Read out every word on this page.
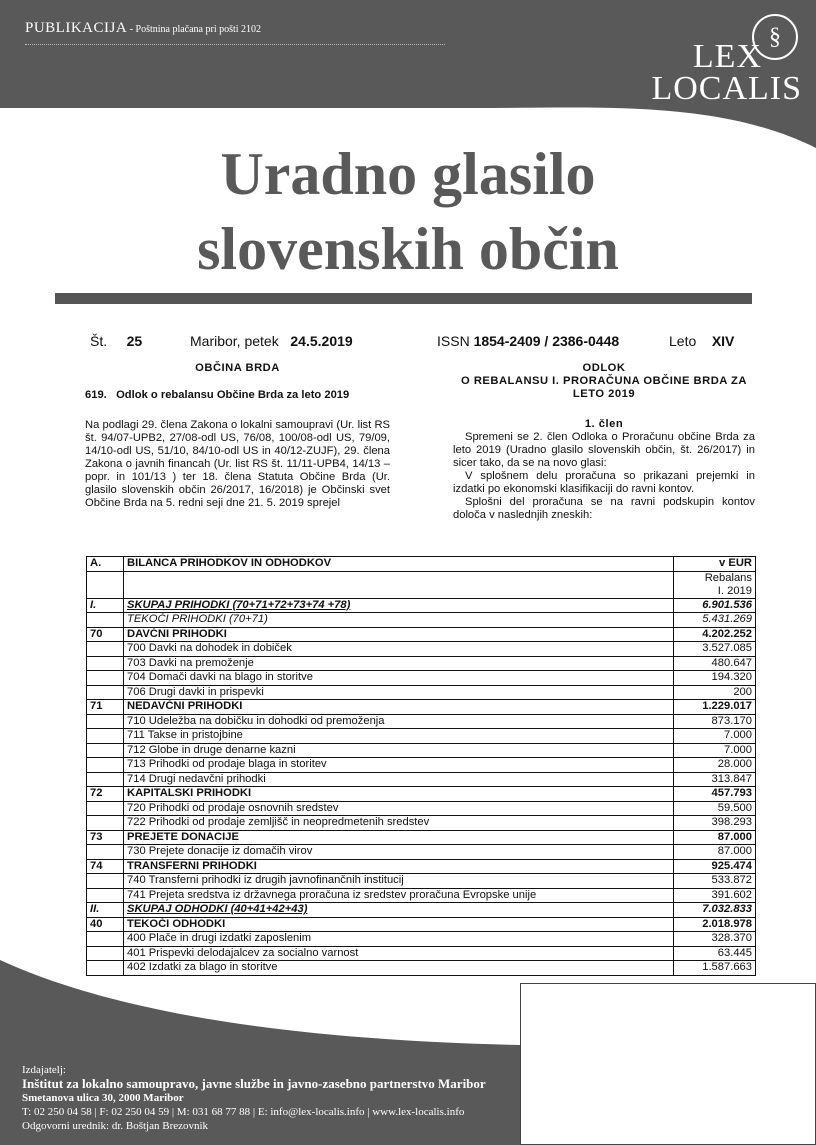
PUBLIKACIJA - Poštnina plačana pri pošti 2102	§
LEX
LOCALIS
Uradno glasilo
slovenskih občin
Št. 25	Maribor, petek 24.5.2019	ISSN 1854-2409 / 2386-0448	Leto XIV
OBČINA BRDA
619. Odlok o rebalansu Občine Brda za leto 2019
Na podlagi 29. člena Zakona o lokalni samoupravi (Ur. list RS št. 94/07-UPB2, 27/08-odl US, 76/08, 100/08-odl US, 79/09, 14/10-odl US, 51/10, 84/10-odl US in 40/12-ZUJF), 29. člena Zakona o javnih financah (Ur. list RS št. 11/11-UPB4, 14/13 – popr. in 101/13 ) ter 18. člena Statuta Občine Brda (Ur. glasilo slovenskih občin 26/2017, 16/2018) je Občinski svet Občine Brda na 5. redni seji dne 21. 5. 2019 sprejel
ODLOK
O REBALANSU I. PRORAČUNA OBČINE BRDA ZA LETO 2019
1. člen
Spremeni se 2. člen Odloka o Proračunu občine Brda za leto 2019 (Uradno glasilo slovenskih občin, št. 26/2017) in sicer tako, da se na novo glasi:
V splošnem delu proračuna so prikazani prejemki in izdatki po ekonomski klasifikaciji do ravni kontov.
Splošni del proračuna se na ravni podskupin kontov določa v naslednjih zneskih:
A.	BILANCA PRIHODKOV IN ODHODKOV	v EUR

		Rebalans
I. 2019

I.	SKUPAJ PRIHODKI (70+71+72+73+74 +78)	6.901.536
	TEKOČI PRIHODKI (70+71)	5.431.269
70	DAVČNI PRIHODKI	4.202.252
	700 Davki na dohodek in dobiček	3.527.085
	703 Davki na premoženje	480.647
	704 Domači davki na blago in storitve	194.320
	706 Drugi davki in prispevki	200
71	NEDAVČNI PRIHODKI	1.229.017
	710 Udeležba na dobičku in dohodki od premoženja	873.170
	711 Takse in pristojbine	7.000
	712 Globe in druge denarne kazni	7.000
	713 Prihodki od prodaje blaga in storitev	28.000
	714 Drugi nedavčni prihodki	313.847
72	KAPITALSKI PRIHODKI	457.793
	720 Prihodki od prodaje osnovnih sredstev	59.500
	722 Prihodki od prodaje zemljišč in neopredmetenih sredstev	398.293
73	PREJETE DONACIJE	87.000
	730 Prejete donacije iz domačih virov	87.000
74	TRANSFERNI PRIHODKI	925.474
	740 Transferni prihodki iz drugih javnofinančnih institucij	533.872
	741 Prejeta sredstva iz državnega proračuna iz sredstev proračuna Evropske unije	391.602
II.	SKUPAJ ODHODKI (40+41+42+43)	7.032.833
40	TEKOČI ODHODKI	2.018.978
	400 Plače in drugi izdatki zaposlenim	328.370
	401 Prispevki delodajalcev za socialno varnost	63.445
	402 Izdatki za blago in storitve	1.587.663
Izdajatelj:
Inštitut za lokalno samoupravo, javne službe in javno-zasebno partnerstvo Maribor
Smetanova ulica 30, 2000 Maribor
T: 02 250 04 58 | F: 02 250 04 59 | M: 031 68 77 88 | E: info@lex-localis.info | www.lex-localis.info
Odgovorni urednik: dr. Boštjan Brezovnik
